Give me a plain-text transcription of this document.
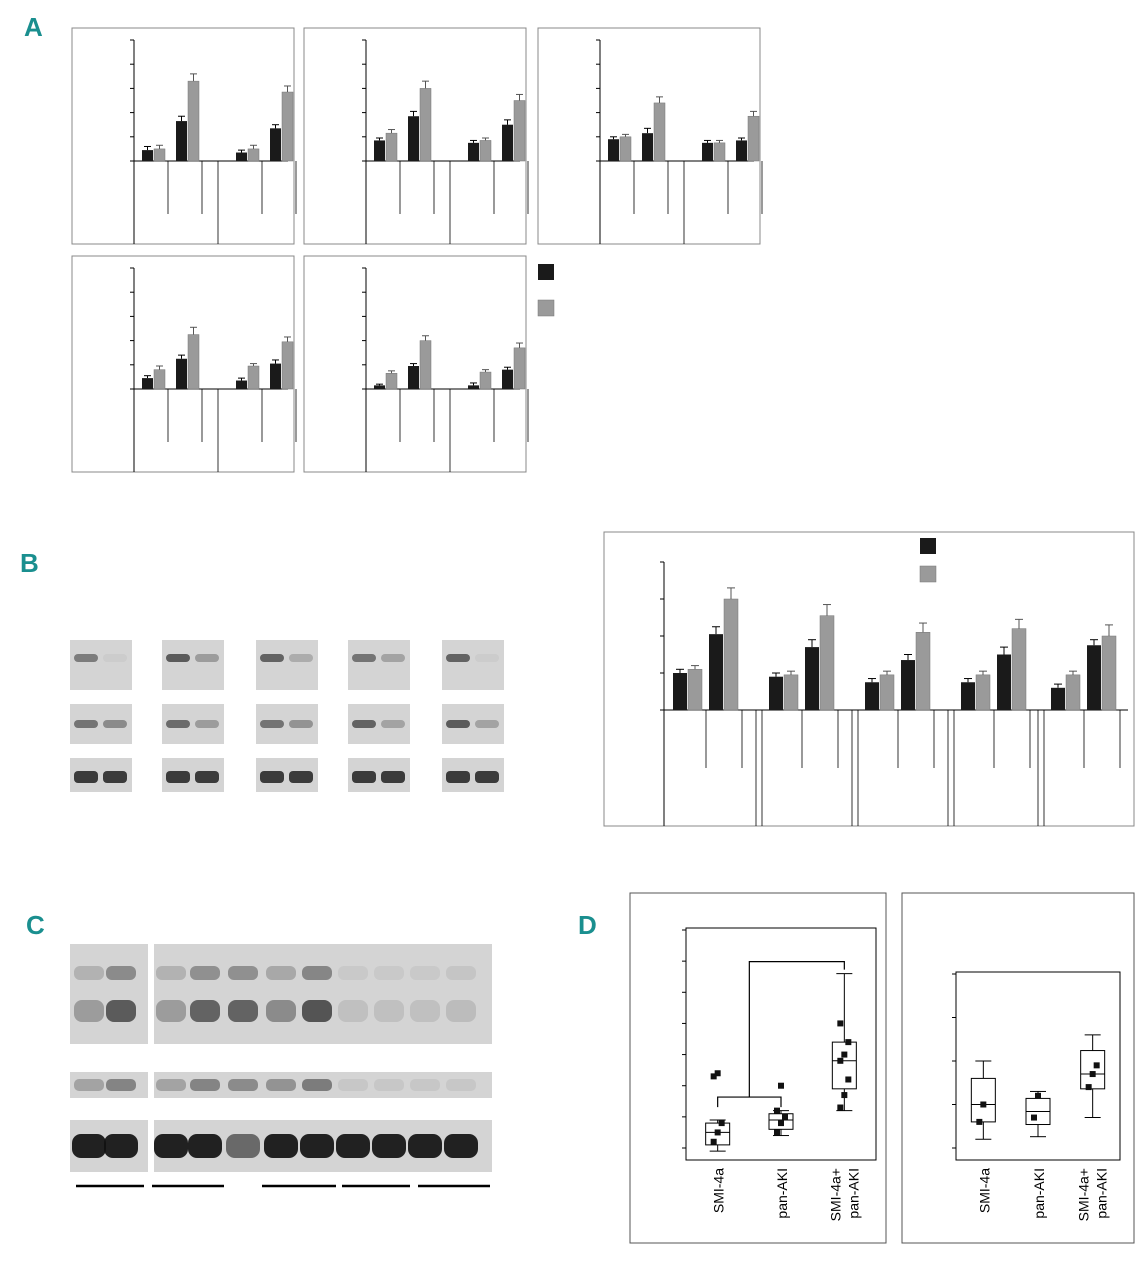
A
B
C	D
SMI-4a	pan-AKI	SMI-4a+ pan-AKI	SMI-4a	pan-AKI SMI-4a+ pan-AKI
